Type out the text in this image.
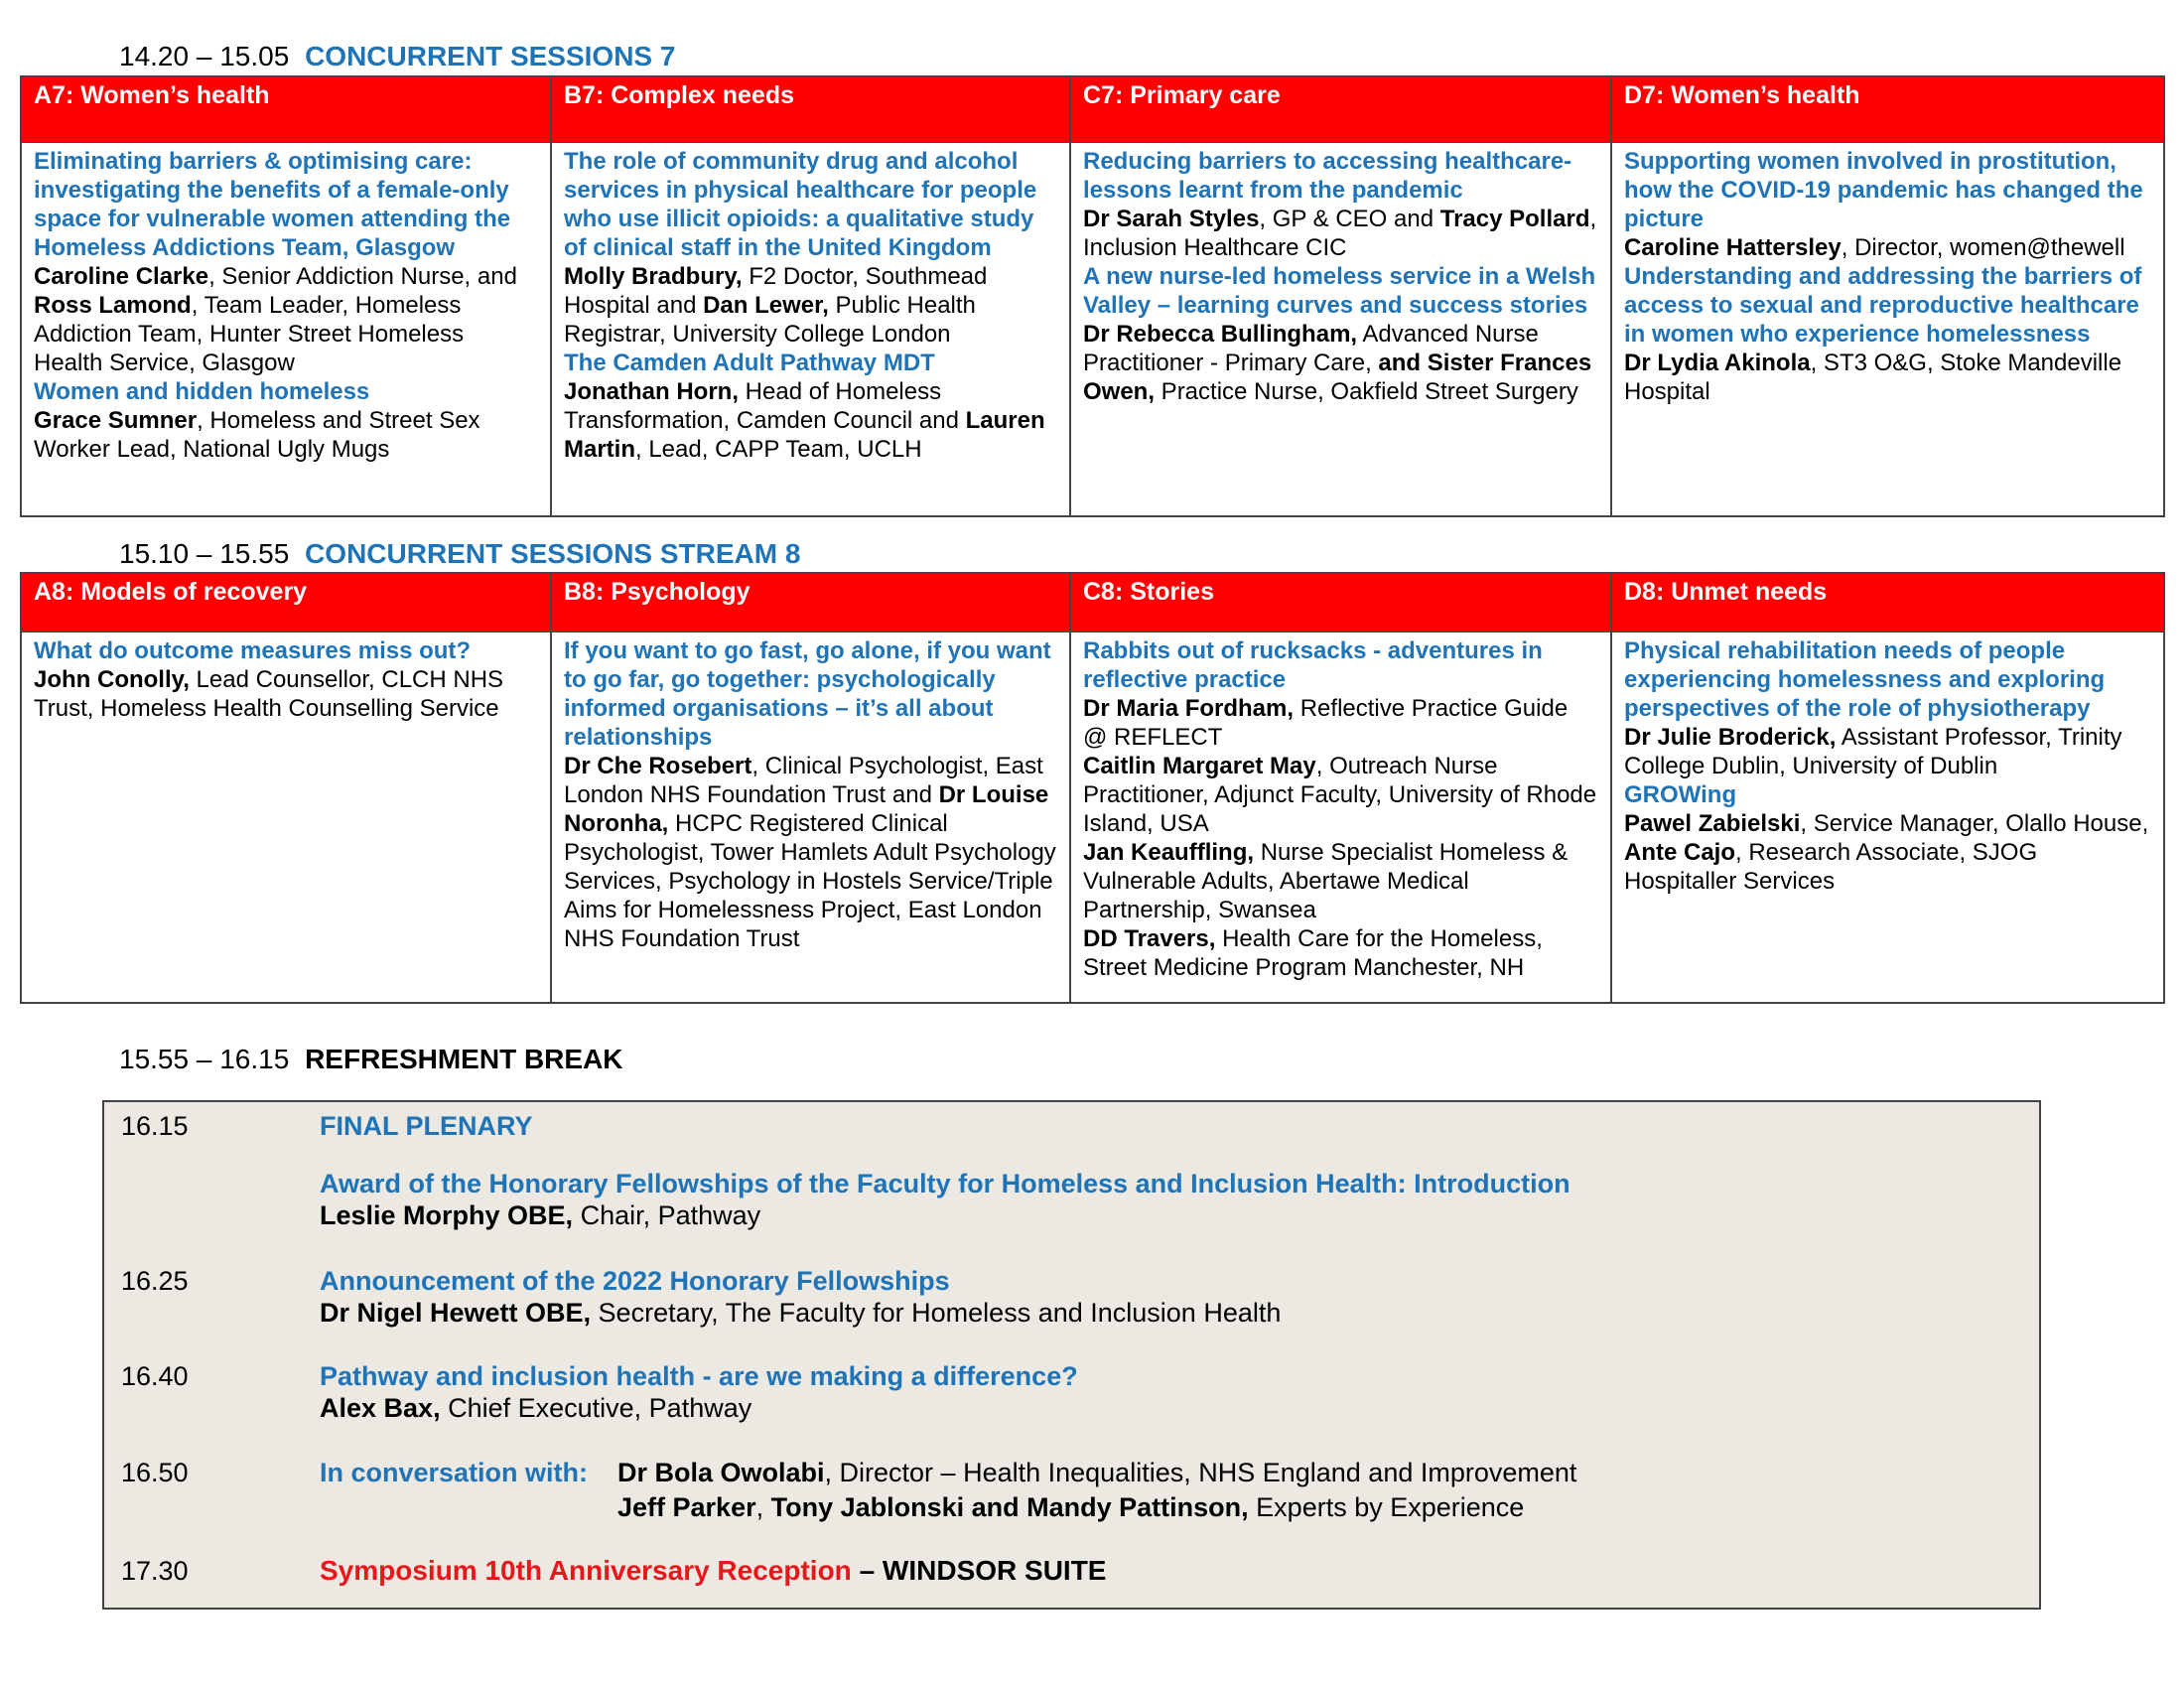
14.20 – 15.05 CONCURRENT SESSIONS 7
A7: Women’s health
Eliminating barriers & optimising care: investigating the benefits of a female-only space for vulnerable women attending the Homeless Addictions Team, Glasgow
Caroline Clarke, Senior Addiction Nurse, and Ross Lamond, Team Leader, Homeless Addiction Team, Hunter Street Homeless Health Service, Glasgow
Women and hidden homeless
Grace Sumner, Homeless and Street Sex Worker Lead, National Ugly Mugs
B7: Complex needs
The role of community drug and alcohol services in physical healthcare for people who use illicit opioids: a qualitative study of clinical staff in the United Kingdom
Molly Bradbury, F2 Doctor, Southmead Hospital and Dan Lewer, Public Health Registrar, University College London
The Camden Adult Pathway MDT
Jonathan Horn, Head of Homeless Transformation, Camden Council and Lauren Martin, Lead, CAPP Team, UCLH
C7: Primary care
Reducing barriers to accessing healthcare- lessons learnt from the pandemic
Dr Sarah Styles, GP & CEO and Tracy Pollard, Inclusion Healthcare CIC
A new nurse-led homeless service in a Welsh Valley – learning curves and success stories
Dr Rebecca Bullingham, Advanced Nurse Practitioner - Primary Care, and Sister Frances Owen, Practice Nurse, Oakfield Street Surgery
D7: Women’s health
Supporting women involved in prostitution, how the COVID-19 pandemic has changed the picture
Caroline Hattersley, Director, women@thewell
Understanding and addressing the barriers of access to sexual and reproductive healthcare in women who experience homelessness
Dr Lydia Akinola, ST3 O&G, Stoke Mandeville Hospital
15.10 – 15.55 CONCURRENT SESSIONS STREAM 8
A8: Models of recovery
What do outcome measures miss out?
John Conolly, Lead Counsellor, CLCH NHS Trust, Homeless Health Counselling Service
B8: Psychology
If you want to go fast, go alone, if you want to go far, go together: psychologically informed organisations – it’s all about relationships
Dr Che Rosebert, Clinical Psychologist, East London NHS Foundation Trust and Dr Louise Noronha, HCPC Registered Clinical Psychologist, Tower Hamlets Adult Psychology Services, Psychology in Hostels Service/Triple Aims for Homelessness Project, East London NHS Foundation Trust
C8: Stories
Rabbits out of rucksacks - adventures in reflective practice
Dr Maria Fordham, Reflective Practice Guide @ REFLECT
Caitlin Margaret May, Outreach Nurse Practitioner, Adjunct Faculty, University of Rhode Island, USA
Jan Keauffling, Nurse Specialist Homeless & Vulnerable Adults, Abertawe Medical Partnership, Swansea
DD Travers, Health Care for the Homeless, Street Medicine Program Manchester, NH
D8: Unmet needs
Physical rehabilitation needs of people experiencing homelessness and exploring perspectives of the role of physiotherapy
Dr Julie Broderick, Assistant Professor, Trinity College Dublin, University of Dublin
GROWing
Pawel Zabielski, Service Manager, Olallo House, Ante Cajo, Research Associate, SJOG Hospitaller Services
15.55 – 16.15 REFRESHMENT BREAK
16.15	FINAL PLENARY
Award of the Honorary Fellowships of the Faculty for Homeless and Inclusion Health: Introduction
Leslie Morphy OBE, Chair, Pathway
16.25	Announcement of the 2022 Honorary Fellowships
Dr Nigel Hewett OBE, Secretary, The Faculty for Homeless and Inclusion Health
16.40	Pathway and inclusion health - are we making a difference?
Alex Bax, Chief Executive, Pathway
16.50	In conversation with: Dr Bola Owolabi, Director – Health Inequalities, NHS England and Improvement
Jeff Parker, Tony Jablonski and Mandy Pattinson, Experts by Experience
17.30	Symposium 10th Anniversary Reception – WINDSOR SUITE
